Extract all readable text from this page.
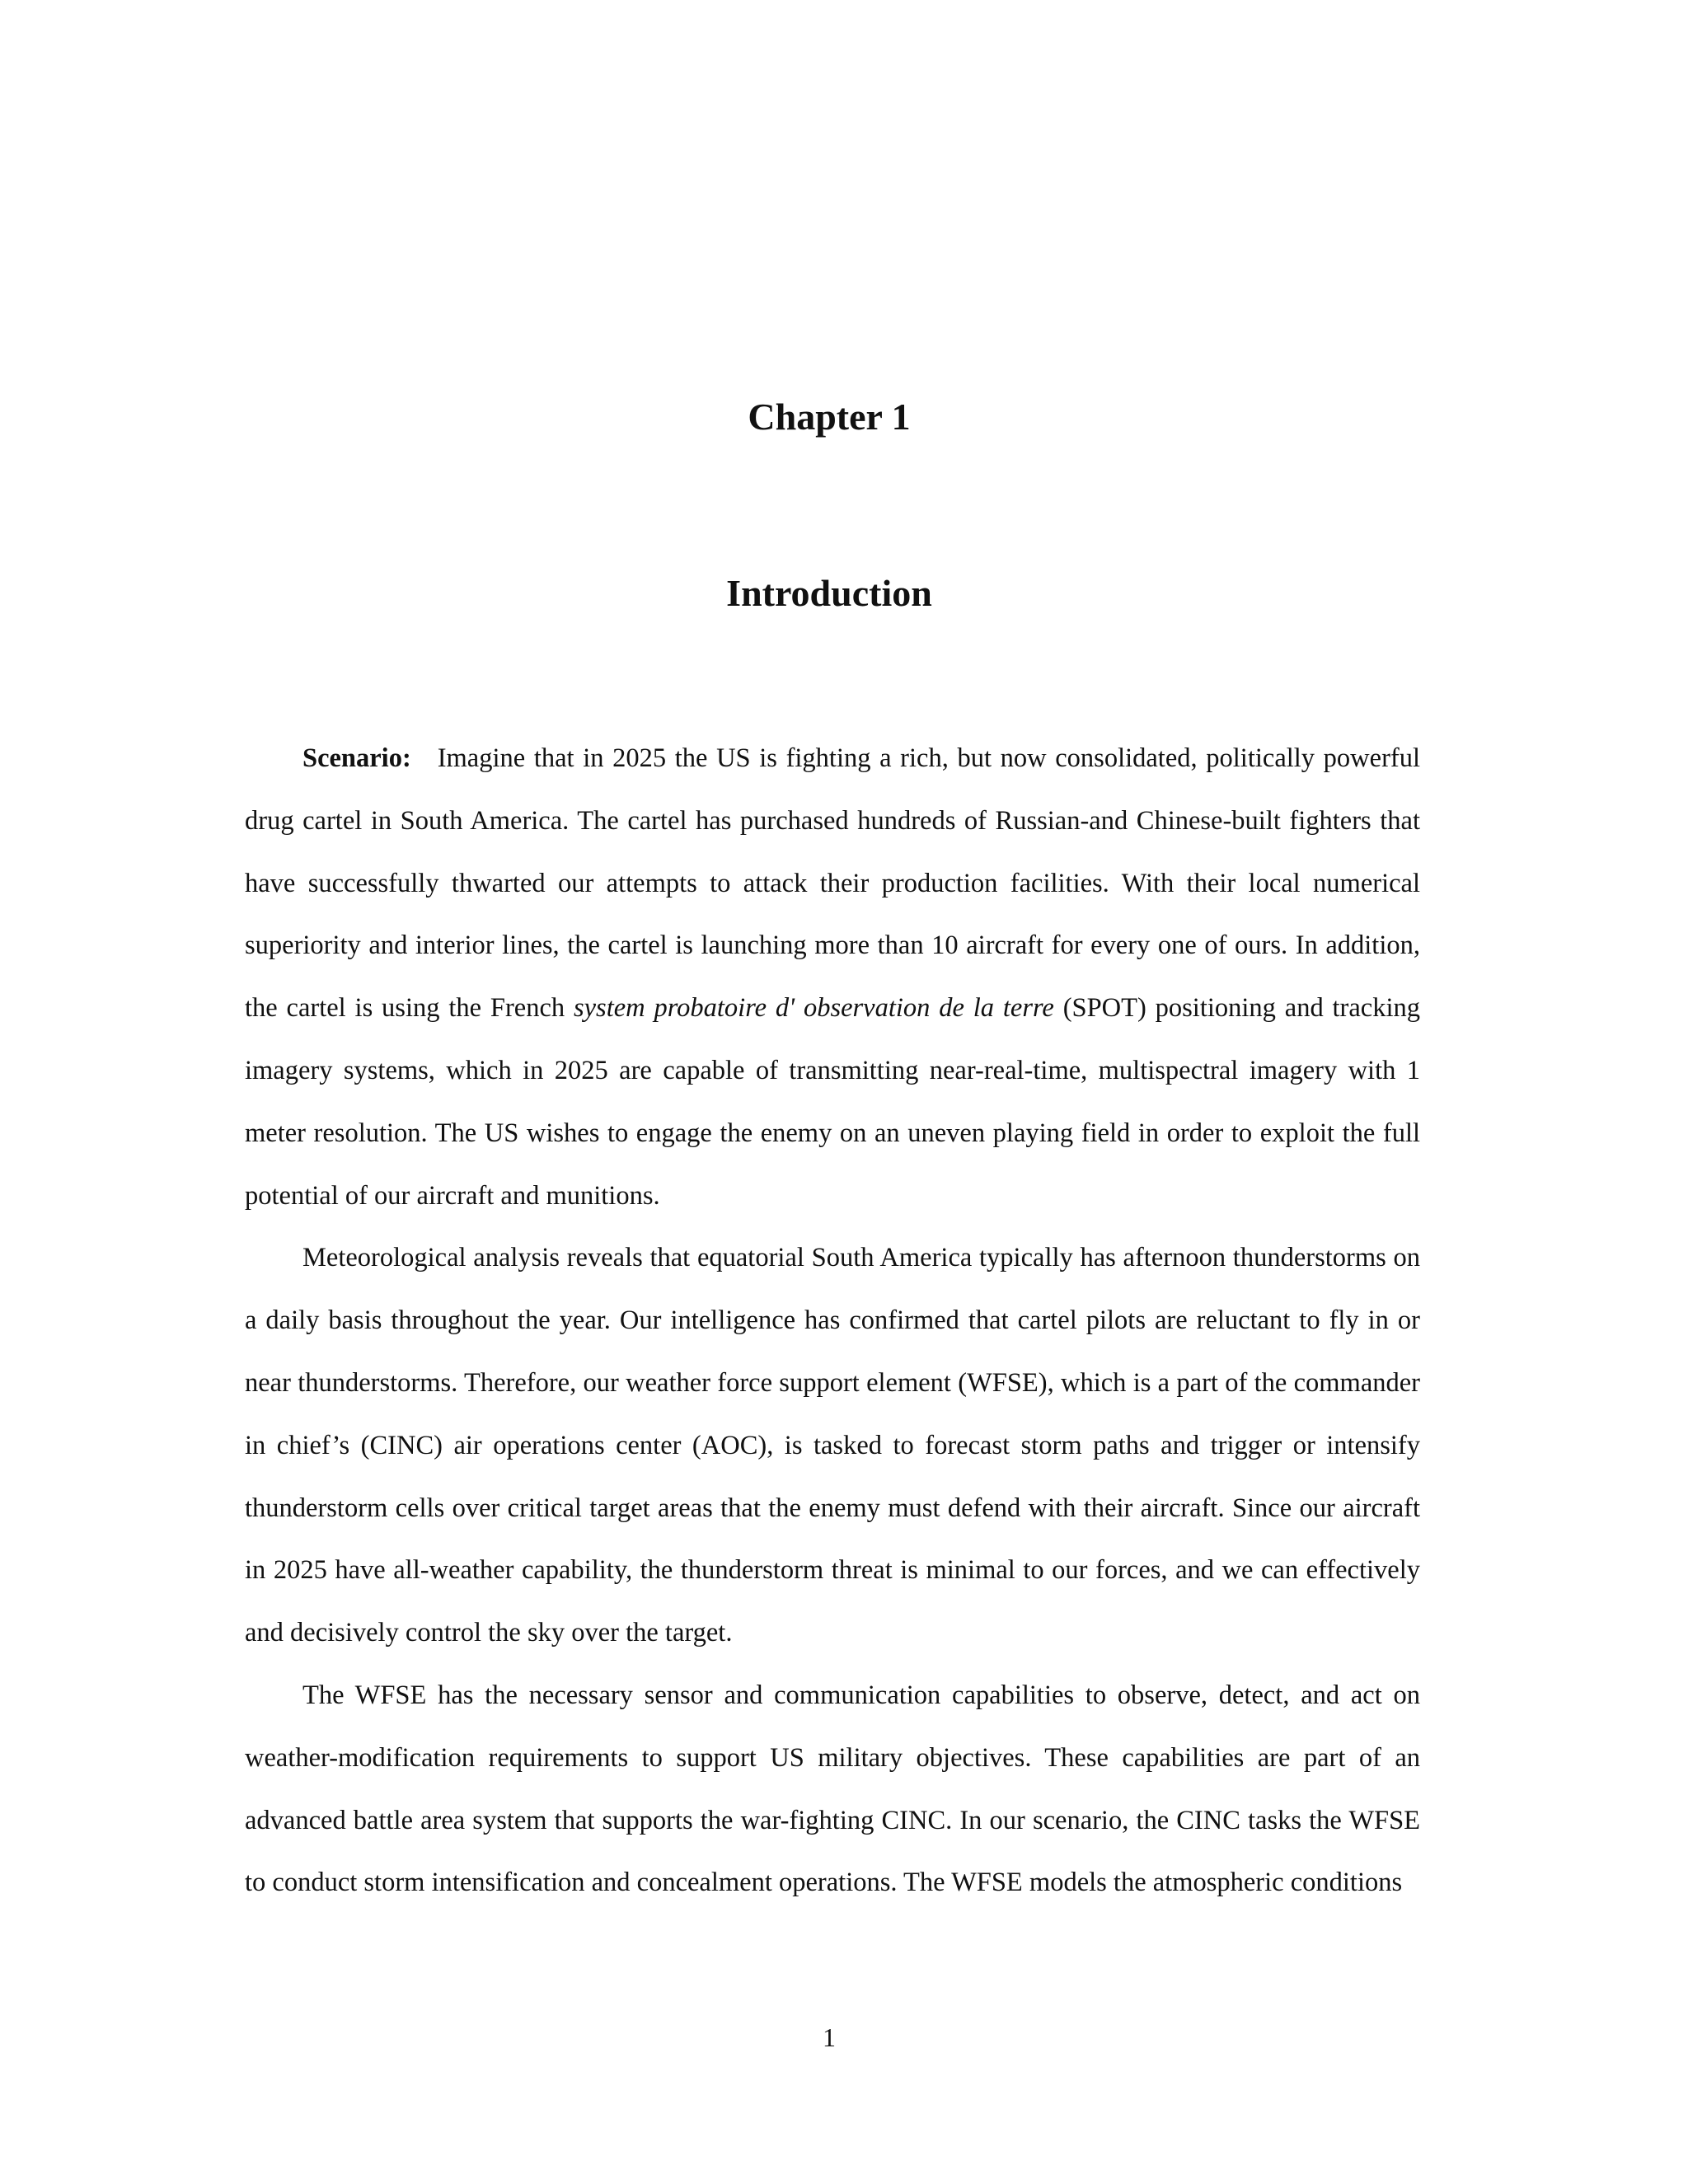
Chapter 1
Introduction

Scenario: Imagine that in 2025 the US is fighting a rich, but now consolidated, politically powerful drug cartel in South America. The cartel has purchased hundreds of Russian-and Chinese-built fighters that have successfully thwarted our attempts to attack their production facilities. With their local numerical superiority and interior lines, the cartel is launching more than 10 aircraft for every one of ours. In addition, the cartel is using the French system probatoire d' observation de la terre (SPOT) positioning and tracking imagery systems, which in 2025 are capable of transmitting near-real-time, multispectral imagery with 1 meter resolution. The US wishes to engage the enemy on an uneven playing field in order to exploit the full potential of our aircraft and munitions.

Meteorological analysis reveals that equatorial South America typically has afternoon thunderstorms on a daily basis throughout the year. Our intelligence has confirmed that cartel pilots are reluctant to fly in or near thunderstorms. Therefore, our weather force support element (WFSE), which is a part of the commander in chief’s (CINC) air operations center (AOC), is tasked to forecast storm paths and trigger or intensify thunderstorm cells over critical target areas that the enemy must defend with their aircraft. Since our aircraft in 2025 have all-weather capability, the thunderstorm threat is minimal to our forces, and we can effectively and decisively control the sky over the target.

The WFSE has the necessary sensor and communication capabilities to observe, detect, and act on weather-modification requirements to support US military objectives. These capabilities are part of an advanced battle area system that supports the war-fighting CINC. In our scenario, the CINC tasks the WFSE to conduct storm intensification and concealment operations. The WFSE models the atmospheric conditions

1
